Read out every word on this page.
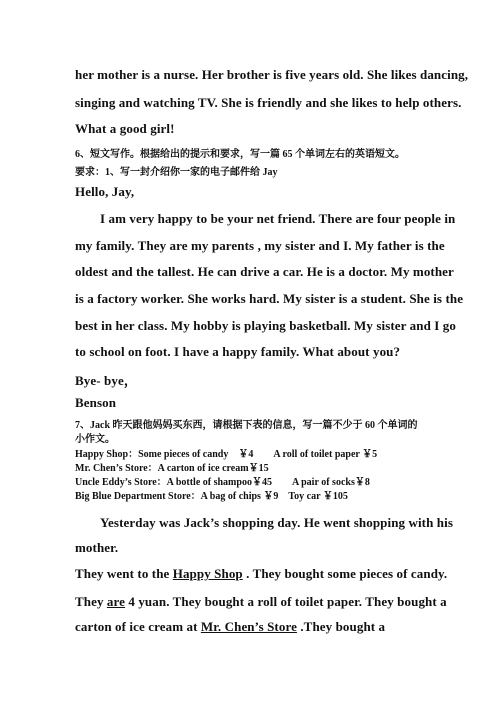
her mother is a nurse. Her brother is five years old. She likes dancing,
singing and watching TV. She is friendly and she likes to help others.
What a good girl!
6、短文写作。根据给出的提示和要求，写一篇 65 个单词左右的英语短文。
要求：1、写一封介绍你一家的电子邮件给 Jay
Hello, Jay,
I am very happy to be your net friend. There are four people in
my family. They are my parents , my sister and I. My father is the
oldest and the tallest. He can drive a car. He is a doctor. My mother
is a factory worker. She works hard. My sister is a student. She is the
best in her class. My hobby is playing basketball. My sister and I go
to school on foot. I have a happy family. What about you?
Bye- bye，
Benson
7、Jack 昨天跟他妈妈买东西，请根据下表的信息，写一篇不少于 60 个单词的
小作文。
Happy Shop：Some pieces of candy　￥4　　A roll of toilet paper ￥5
Mr. Chen’s Store：A carton of ice cream￥15
Uncle Eddy’s Store：A bottle of shampoo￥45　　A pair of socks￥8
Big Blue Department Store：A bag of chips ￥9　Toy car ￥105
Yesterday was Jack’s shopping day. He went shopping with his
mother.
They went to the Happy Shop . They bought some pieces of candy.
They are 4 yuan. They bought a roll of toilet paper. They bought a
carton of ice cream at Mr. Chen’s Store .They bought a
